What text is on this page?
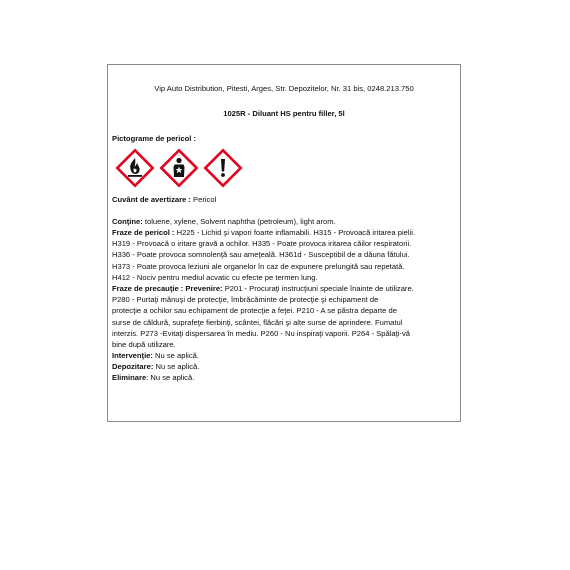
Vip Auto Distribution, Pitesti, Arges, Str. Depozitelor, Nr. 31 bis, 0248.213.750
1025R - Diluant HS pentru filler, 5l
Pictograme de pericol :
Cuvânt de avertizare : Pericol
Conţine: toluene, xylene, Solvent naphtha (petroleum), light arom.
Fraze de pericol : H225 - Lichid şi vapori foarte inflamabili. H315 - Provoacă iritarea pielii.
H319 - Provoacă o iritare gravă a ochilor. H335 - Poate provoca iritarea căilor respiratorii.
H336 - Poate provoca somnolenţă sau ameţeală. H361d - Susceptibil de a dăuna fătului.
H373 - Poate provoca leziuni ale organelor în caz de expunere prelungită sau repetată.
H412 - Nociv pentru mediul acvatic cu efecte pe termen lung.
Fraze de precauţie : Prevenire: P201 - Procuraţi instrucţiuni speciale înainte de utilizare.
P280 - Purtaţi mănuşi de protecţie, îmbrăcăminte de protecţie şi echipament de
protecţie a ochilor sau echipament de protecţie a feţei. P210 - A se păstra departe de
surse de căldură, suprafeţe fierbinţi, scântei, flăcări şi alte surse de aprindere. Fumatul
interzis. P273 -Evitaţi dispersarea în mediu. P260 - Nu inspiraţi vaporii. P264 - Spălaţi-vă
bine după utilizare.
Intervenţie: Nu se aplică.
Depozitare: Nu se aplică.
Eliminare: Nu se aplică.
